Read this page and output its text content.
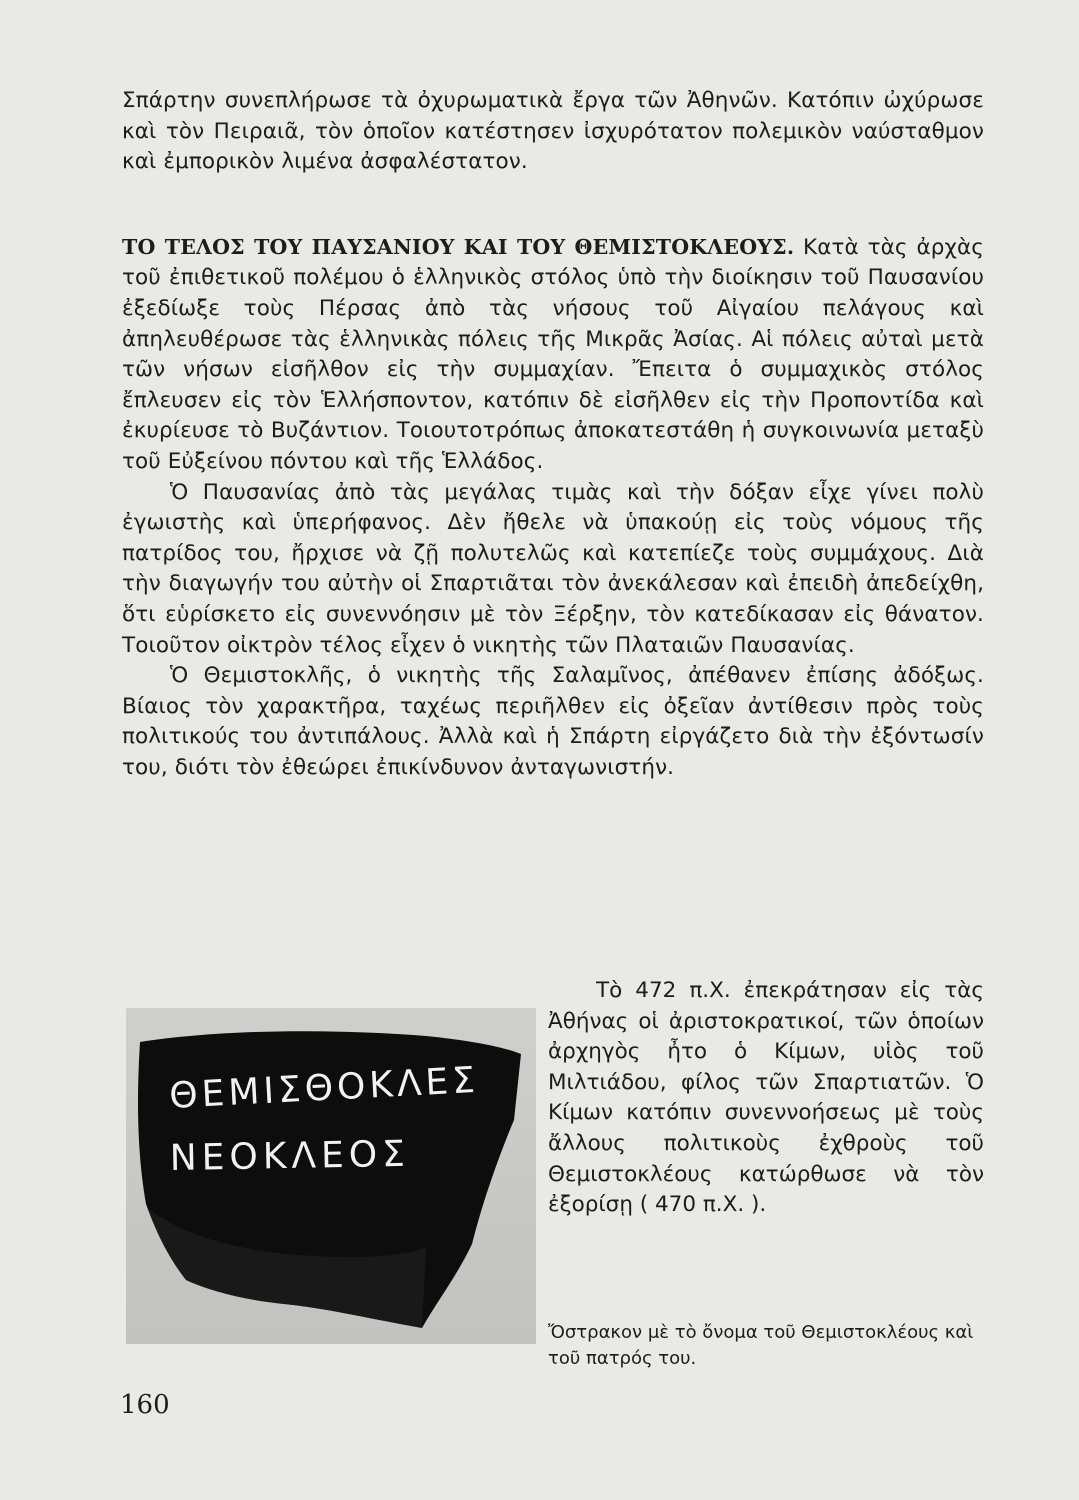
Σπάρτην συνεπλήρωσε τὰ ὀχυρωματικὰ ἔργα τῶν Ἀθηνῶν. Κατόπιν ὠχύρωσε καὶ τὸν Πειραιᾶ, τὸν ὁποῖον κατέστησεν ἰσχυρότατον πολεμικὸν ναύσταθμον καὶ ἐμπορικὸν λιμένα ἀσφαλέστατον.

ΤΟ ΤΕΛΟΣ ΤΟΥ ΠΑΥΣΑΝΙΟΥ ΚΑΙ ΤΟΥ ΘΕΜΙΣΤΟΚΛΕΟΥΣ. Κατὰ τὰς ἀρχὰς τοῦ ἐπιθετικοῦ πολέμου ὁ ἑλληνικὸς στόλος ὑπὸ τὴν διοίκησιν τοῦ Παυσανίου ἐξεδίωξε τοὺς Πέρσας ἀπὸ τὰς νήσους τοῦ Αἰγαίου πελάγους καὶ ἀπηλευθέρωσε τὰς ἑλληνικὰς πόλεις τῆς Μικρᾶς Ἀσίας. Αἱ πόλεις αὐταὶ μετὰ τῶν νήσων εἰσῆλθον εἰς τὴν συμμαχίαν. Ἔπειτα ὁ συμμαχικὸς στόλος ἔπλευσεν εἰς τὸν Ἑλλήσποντον, κατόπιν δὲ εἰσῆλθεν εἰς τὴν Προποντίδα καὶ ἐκυρίευσε τὸ Βυζάντιον. Τοιουτοτρόπως ἀποκατεστάθη ἡ συγκοινωνία μεταξὺ τοῦ Εὐξείνου πόντου καὶ τῆς Ἑλλάδος.

Ὁ Παυσανίας ἀπὸ τὰς μεγάλας τιμὰς καὶ τὴν δόξαν εἶχε γίνει πολὺ ἐγωιστὴς καὶ ὑπερήφανος. Δὲν ἤθελε νὰ ὑπακούῃ εἰς τοὺς νόμους τῆς πατρίδος του, ἤρχισε νὰ ζῇ πολυτελῶς καὶ κατεπίεζε τοὺς συμμάχους. Διὰ τὴν διαγωγήν του αὐτὴν οἱ Σπαρτιᾶται τὸν ἀνεκάλεσαν καὶ ἐπειδὴ ἀπεδείχθη, ὅτι εὑρίσκετο εἰς συνεννόησιν μὲ τὸν Ξέρξην, τὸν κατεδίκασαν εἰς θάνατον. Τοιοῦτον οἰκτρὸν τέλος εἶχεν ὁ νικητὴς τῶν Πλαταιῶν Παυσανίας.

Ὁ Θεμιστοκλῆς, ὁ νικητὴς τῆς Σαλαμῖνος, ἀπέθανεν ἐπίσης ἀδόξως. Βίαιος τὸν χαρακτῆρα, ταχέως περιῆλθεν εἰς ὀξεῖαν ἀντίθεσιν πρὸς τοὺς πολιτικούς του ἀντιπάλους. Ἀλλὰ καὶ ἡ Σπάρτη εἰργάζετο διὰ τὴν ἐξόντωσίν του, διότι τὸν ἐθεώρει ἐπικίνδυνον ἀνταγωνιστήν.

ΘΕΜΙΣΘΟΚΛΕΣ
ΝΕΟΚΛΕΟΣ

Τὸ 472 π.Χ. ἐπεκράτησαν εἰς τὰς Ἀθήνας οἱ ἀριστοκρατικοί, τῶν ὁποίων ἀρχηγὸς ἦτο ὁ Κίμων, υἱὸς τοῦ Μιλτιάδου, φίλος τῶν Σπαρτιατῶν. Ὁ Κίμων κατόπιν συνεννοήσεως μὲ τοὺς ἄλλους πολιτικοὺς ἐχθροὺς τοῦ Θεμιστοκλέους κατώρθωσε νὰ τὸν ἐξορίσῃ ( 470 π.Χ. ).

Ὄστρακον μὲ τὸ ὄνομα τοῦ Θεμιστοκλέους καὶ τοῦ πατρός του.
160
